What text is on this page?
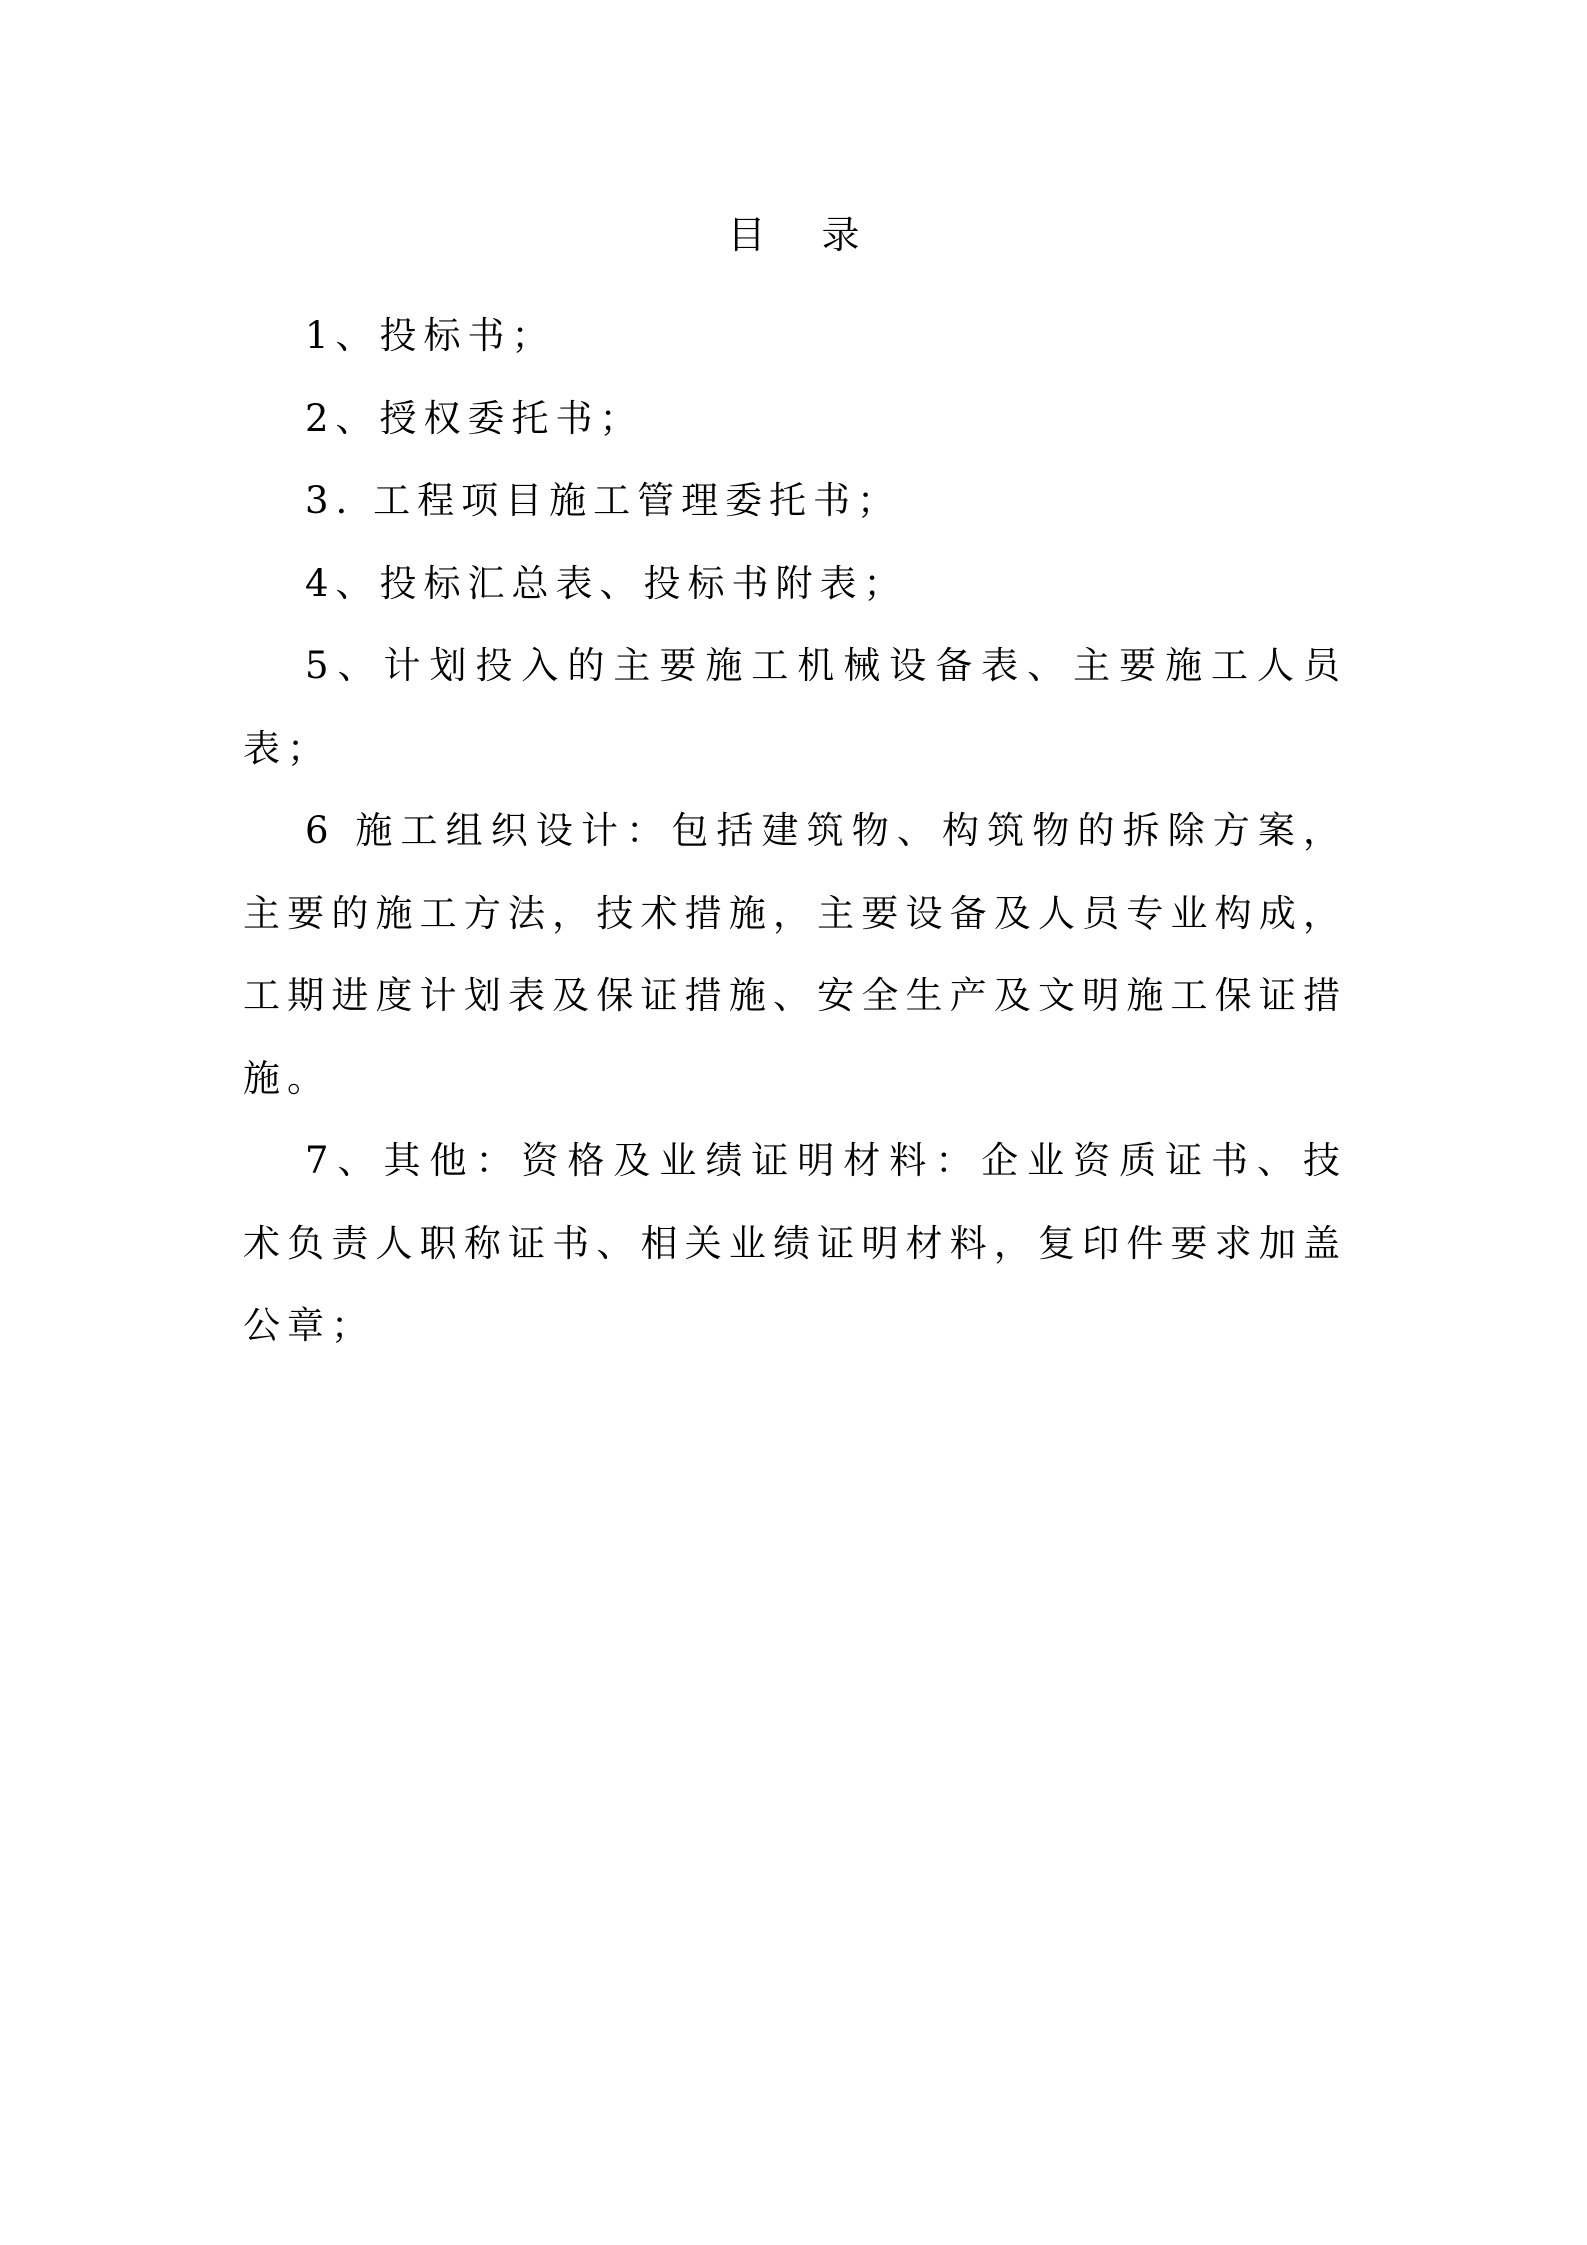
目 录

1、投标书；

2、授权委托书；

3. 工程项目施工管理委托书；

4、投标汇总表、投标书附表；

5、计划投入的主要施工机械设备表、主要施工人员表；

6 施工组织设计：包括建筑物、构筑物的拆除方案，主要的施工方法，技术措施，主要设备及人员专业构成，工期进度计划表及保证措施、安全生产及文明施工保证措施。

7、其他：资格及业绩证明材料：企业资质证书、技术负责人职称证书、相关业绩证明材料，复印件要求加盖公章；
